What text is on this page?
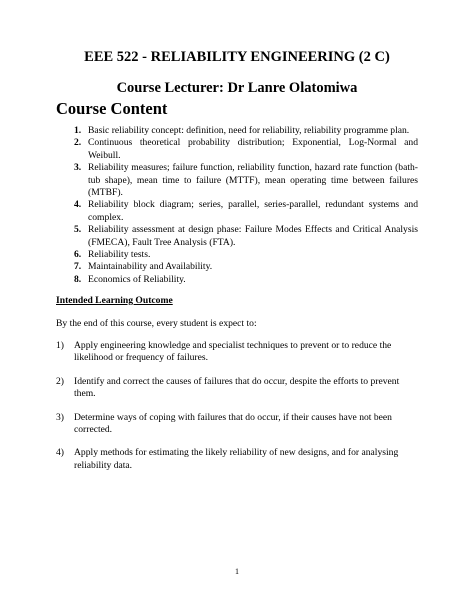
EEE 522 - RELIABILITY ENGINEERING (2 C)
Course Lecturer: Dr Lanre Olatomiwa
Course Content
1. Basic reliability concept: definition, need for reliability, reliability programme plan.
2. Continuous theoretical probability distribution; Exponential, Log-Normal and Weibull.
3. Reliability measures; failure function, reliability function, hazard rate function (bath-tub shape), mean time to failure (MTTF), mean operating time between failures (MTBF).
4. Reliability block diagram; series, parallel, series-parallel, redundant systems and complex.
5. Reliability assessment at design phase: Failure Modes Effects and Critical Analysis (FMECA), Fault Tree Analysis (FTA).
6. Reliability tests.
7. Maintainability and Availability.
8. Economics of Reliability.
Intended Learning Outcome
By the end of this course, every student is expect to:
1) Apply engineering knowledge and specialist techniques to prevent or to reduce the likelihood or frequency of failures.
2) Identify and correct the causes of failures that do occur, despite the efforts to prevent them.
3) Determine ways of coping with failures that do occur, if their causes have not been corrected.
4) Apply methods for estimating the likely reliability of new designs, and for analysing reliability data.
1
